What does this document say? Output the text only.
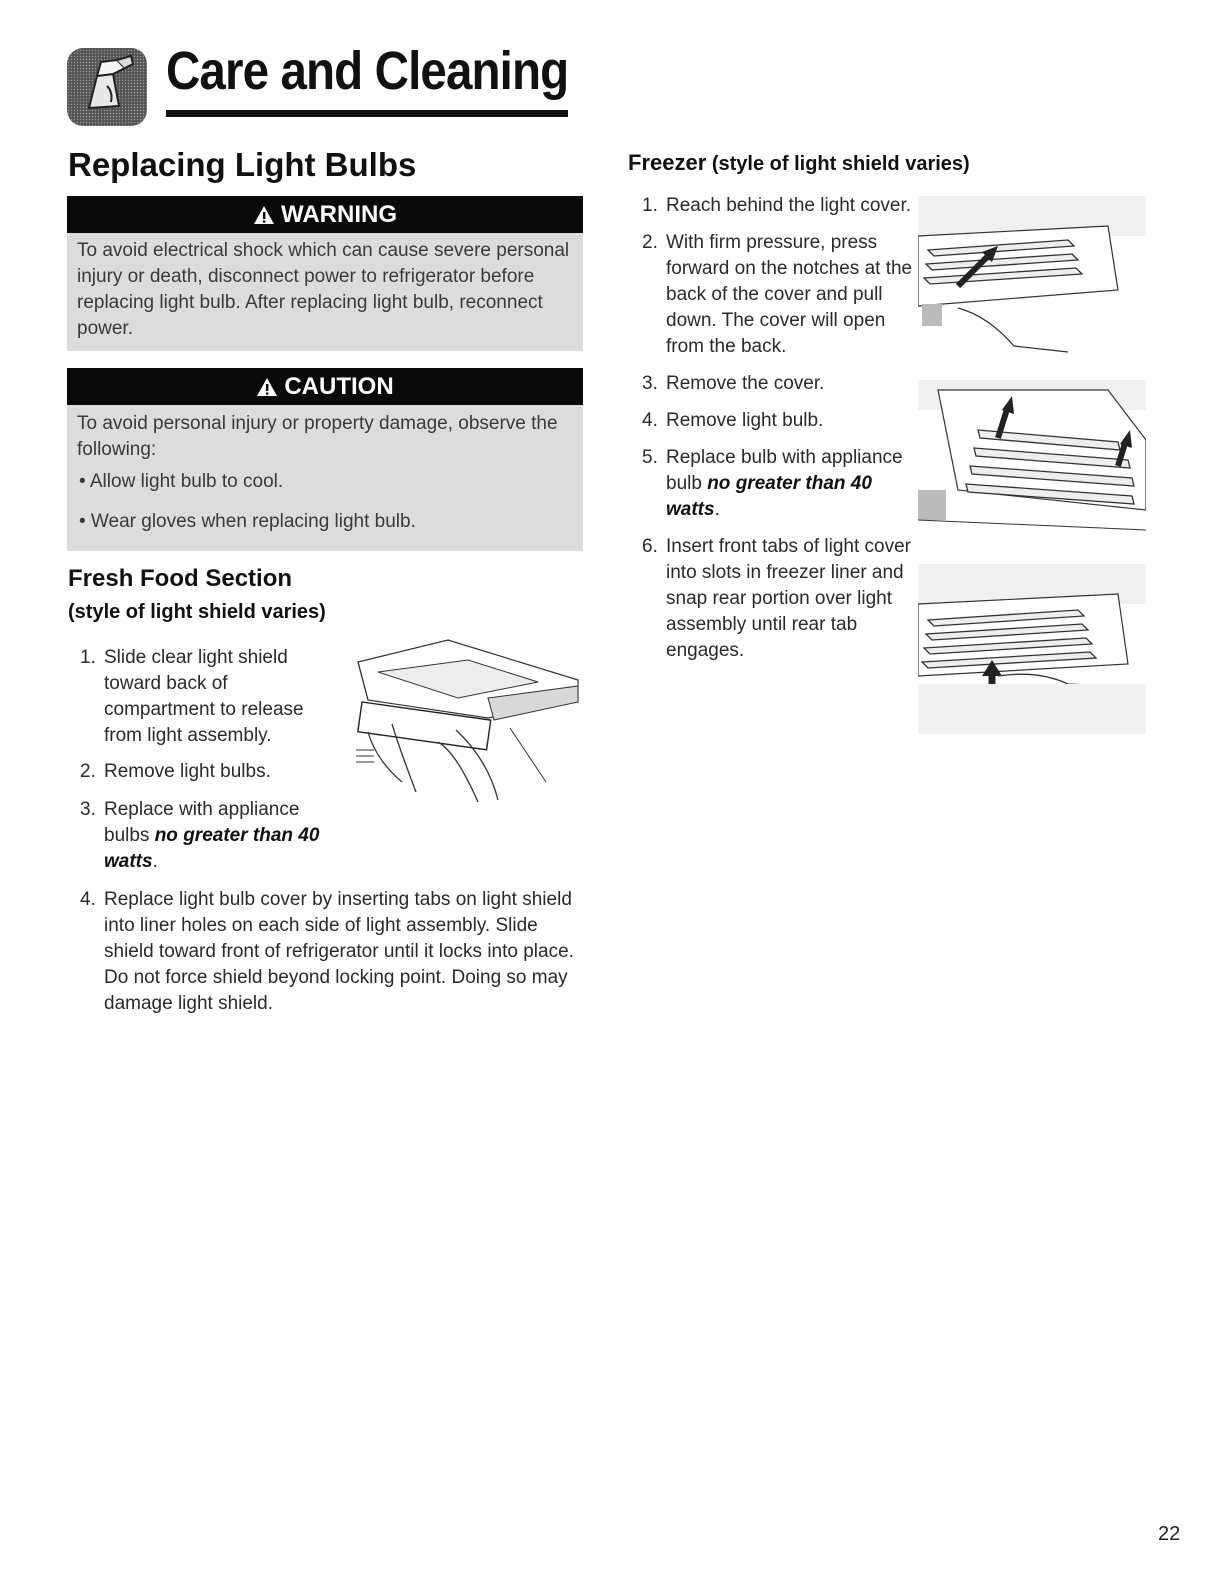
Care and Cleaning
Replacing Light Bulbs
WARNING

To avoid electrical shock which can cause severe personal injury or death, disconnect power to refrigerator before replacing light bulb. After replacing light bulb, reconnect power.

CAUTION

To avoid personal injury or property damage, observe the following:

• Allow light bulb to cool.

• Wear gloves when replacing light bulb.

Fresh Food Section
(style of light shield varies)
1. Slide clear light shield toward back of compartment to release from light assembly.
2. Remove light bulbs.
3. Replace with appliance bulbs no greater than 40 watts.
4. Replace light bulb cover by inserting tabs on light shield into liner holes on each side of light assembly. Slide shield toward front of refrigerator until it locks into place. Do not force shield beyond locking point. Doing so may damage light shield.
Freezer (style of light shield varies)
1. Reach behind the light cover.
2. With firm pressure, press forward on the notches at the back of the cover and pull down. The cover will open from the back.
3. Remove the cover.
4. Remove light bulb.
5. Replace bulb with appliance bulb no greater than 40 watts.
6. Insert front tabs of light cover into slots in freezer liner and snap rear portion over light assembly until rear tab engages.
22
